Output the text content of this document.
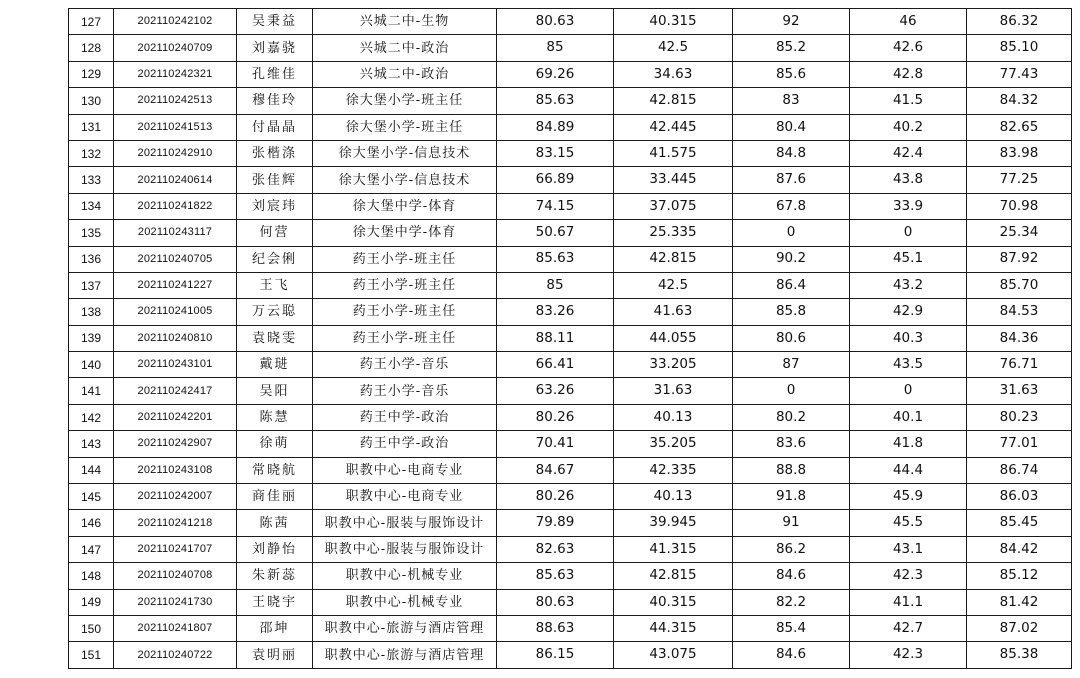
127	202110242102	吴秉益	兴城二中-生物	80.63	40.315	92	46	86.32
128	202110240709	刘嘉骁	兴城二中-政治	85	42.5	85.2	42.6	85.10
129	202110242321	孔维佳	兴城二中-政治	69.26	34.63	85.6	42.8	77.43
130	202110242513	穆佳玲	徐大堡小学-班主任	85.63	42.815	83	41.5	84.32
131	202110241513	付晶晶	徐大堡小学-班主任	84.89	42.445	80.4	40.2	82.65
132	202110242910	张楷涤	徐大堡小学-信息技术	83.15	41.575	84.8	42.4	83.98
133	202110240614	张佳辉	徐大堡小学-信息技术	66.89	33.445	87.6	43.8	77.25
134	202110241822	刘宸玮	徐大堡中学-体育	74.15	37.075	67.8	33.9	70.98
135	202110243117	何营	徐大堡中学-体育	50.67	25.335	0	0	25.34
136	202110240705	纪会俐	药王小学-班主任	85.63	42.815	90.2	45.1	87.92
137	202110241227	王飞	药王小学-班主任	85	42.5	86.4	43.2	85.70
138	202110241005	万云聪	药王小学-班主任	83.26	41.63	85.8	42.9	84.53
139	202110240810	袁晓雯	药王小学-班主任	88.11	44.055	80.6	40.3	84.36
140	202110243101	戴琎	药王小学-音乐	66.41	33.205	87	43.5	76.71
141	202110242417	吴阳	药王小学-音乐	63.26	31.63	0	0	31.63
142	202110242201	陈慧	药王中学-政治	80.26	40.13	80.2	40.1	80.23
143	202110242907	徐萌	药王中学-政治	70.41	35.205	83.6	41.8	77.01
144	202110243108	常晓航	职教中心-电商专业	84.67	42.335	88.8	44.4	86.74
145	202110242007	商佳丽	职教中心-电商专业	80.26	40.13	91.8	45.9	86.03
146	202110241218	陈茜	职教中心-服装与服饰设计	79.89	39.945	91	45.5	85.45
147	202110241707	刘静怡	职教中心-服装与服饰设计	82.63	41.315	86.2	43.1	84.42
148	202110240708	朱新蕊	职教中心-机械专业	85.63	42.815	84.6	42.3	85.12
149	202110241730	王晓宇	职教中心-机械专业	80.63	40.315	82.2	41.1	81.42
150	202110241807	邵坤	职教中心-旅游与酒店管理	88.63	44.315	85.4	42.7	87.02
151	202110240722	袁明丽	职教中心-旅游与酒店管理	86.15	43.075	84.6	42.3	85.38
